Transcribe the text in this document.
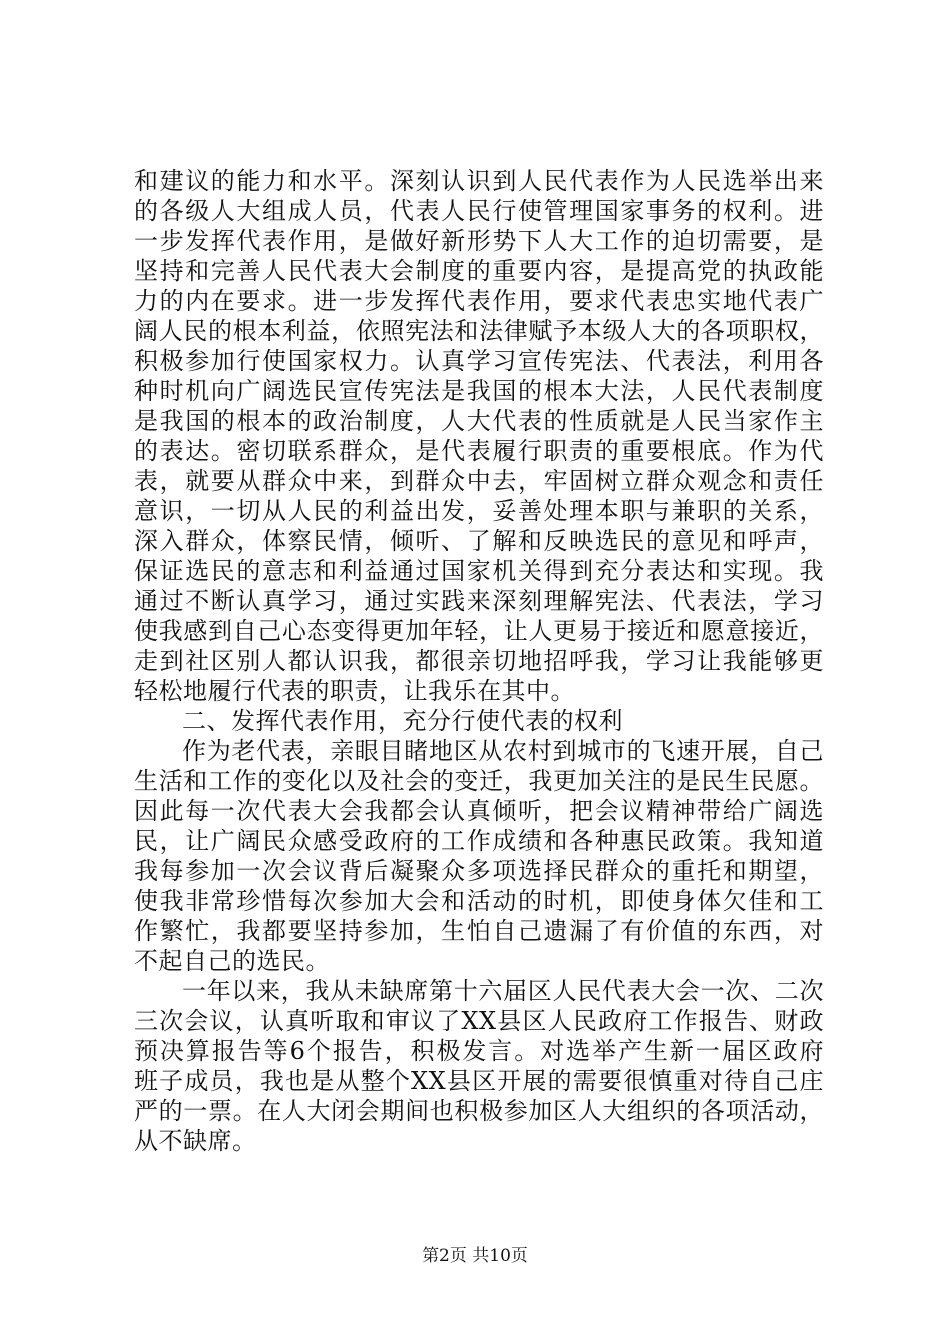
和建议的能力和水平。深刻认识到人民代表作为人民选举出来
的各级人大组成人员，代表人民行使管理国家事务的权利。进
一步发挥代表作用，是做好新形势下人大工作的迫切需要，是
坚持和完善人民代表大会制度的重要内容，是提高党的执政能
力的内在要求。进一步发挥代表作用，要求代表忠实地代表广
阔人民的根本利益，依照宪法和法律赋予本级人大的各项职权，
积极参加行使国家权力。认真学习宣传宪法、代表法，利用各
种时机向广阔选民宣传宪法是我国的根本大法，人民代表制度
是我国的根本的政治制度，人大代表的性质就是人民当家作主
的表达。密切联系群众，是代表履行职责的重要根底。作为代
表，就要从群众中来，到群众中去，牢固树立群众观念和责任
意识，一切从人民的利益出发，妥善处理本职与兼职的关系，
深入群众，体察民情，倾听、了解和反映选民的意见和呼声，
保证选民的意志和利益通过国家机关得到充分表达和实现。我
通过不断认真学习，通过实践来深刻理解宪法、代表法，学习
使我感到自己心态变得更加年轻，让人更易于接近和愿意接近，
走到社区别人都认识我，都很亲切地招呼我，学习让我能够更
轻松地履行代表的职责，让我乐在其中。
二、发挥代表作用，充分行使代表的权利
作为老代表，亲眼目睹地区从农村到城市的飞速开展，自己
生活和工作的变化以及社会的变迁，我更加关注的是民生民愿。
因此每一次代表大会我都会认真倾听，把会议精神带给广阔选
民，让广阔民众感受政府的工作成绩和各种惠民政策。我知道
我每参加一次会议背后凝聚众多项选择民群众的重托和期望，
使我非常珍惜每次参加大会和活动的时机，即使身体欠佳和工
作繁忙，我都要坚持参加，生怕自己遗漏了有价值的东西，对
不起自己的选民。
一年以来，我从未缺席第十六届区人民代表大会一次、二次
三次会议，认真听取和审议了XX县区人民政府工作报告、财政
预决算报告等6个报告，积极发言。对选举产生新一届区政府
班子成员，我也是从整个XX县区开展的需要很慎重对待自己庄
严的一票。在人大闭会期间也积极参加区人大组织的各项活动，
从不缺席。
第2页 共10页
